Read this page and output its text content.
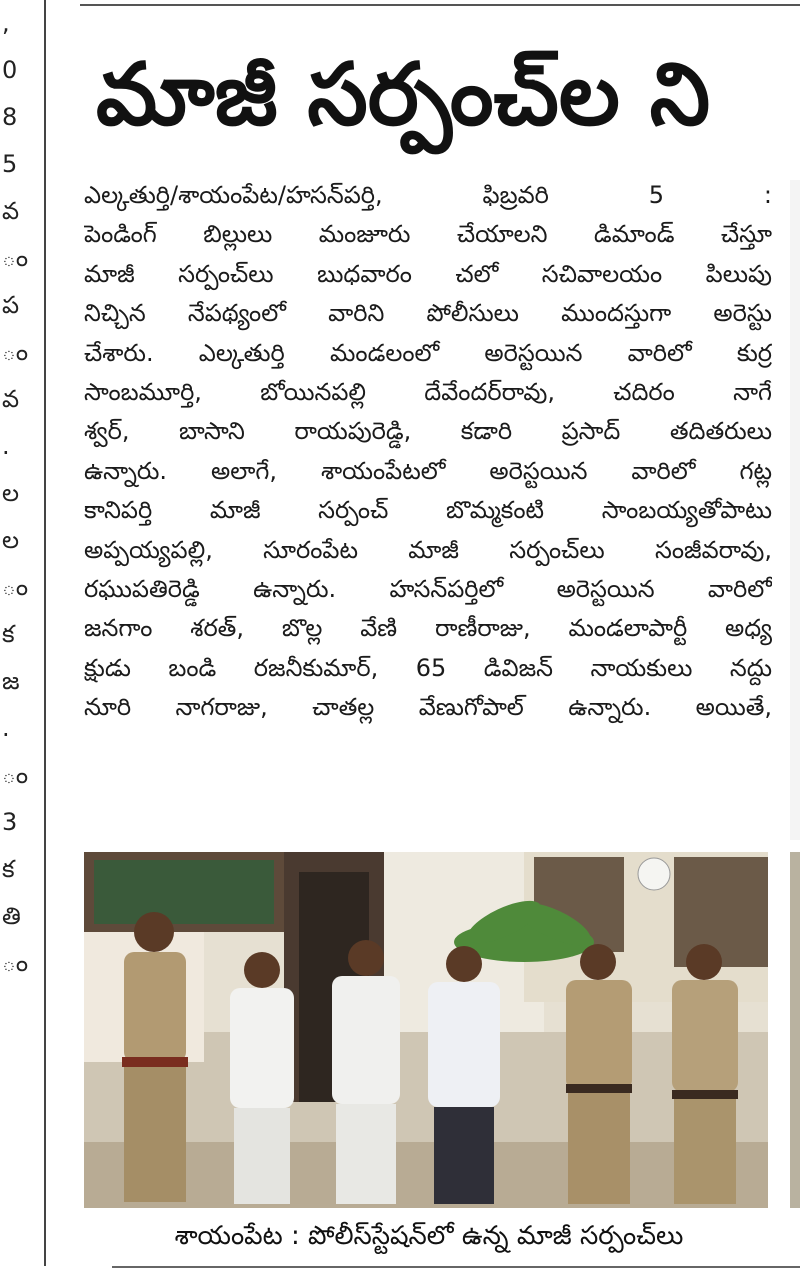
,
0
8
5
వ
ం
ప
ం
వ
.
ల
ల
ం
క
జ
.
ం
3
క
తి
ం
మాజీ సర్పంచ్‌ల ని
ఎల్కతుర్తి/శాయంపేట/హసన్‌పర్తి, ఫిబ్రవరి 5 :
పెండింగ్ బిల్లులు మంజూరు చేయాలని డిమాండ్ చేస్తూ
మాజీ సర్పంచ్‌లు బుధవారం చలో సచివాలయం పిలుపు
నిచ్చిన నేపథ్యంలో వారిని పోలీసులు ముందస్తుగా అరెస్టు
చేశారు. ఎల్కతుర్తి మండలంలో అరెస్టయిన వారిలో కుర్ర
సాంబమూర్తి, బోయినపల్లి దేవేందర్‌రావు, చదిరం నాగే
శ్వర్, బాసాని రాయపురెడ్డి, కడారి ప్రసాద్ తదితరులు
ఉన్నారు. అలాగే, శాయంపేటలో అరెస్టయిన వారిలో గట్ల
కానిపర్తి మాజీ సర్పంచ్ బొమ్మకంటి సాంబయ్యతోపాటు
అప్పయ్యపల్లి, సూరంపేట మాజీ సర్పంచ్‌లు సంజీవరావు,
రఘుపతిరెడ్డి ఉన్నారు. హసన్‌పర్తిలో అరెస్టయిన వారిలో
జనగాం శరత్, బొల్ల వేణి రాణీరాజు, మండలాపార్టీ అధ్య
క్షుడు బండి రజనీకుమార్, 65 డివిజన్ నాయకులు నద్దు
నూరి నాగరాజు, చాతల్ల వేణుగోపాల్ ఉన్నారు. అయితే,
శాయంపేట : పోలీస్‌స్టేషన్‌లో ఉన్న మాజీ సర్పంచ్‌లు
